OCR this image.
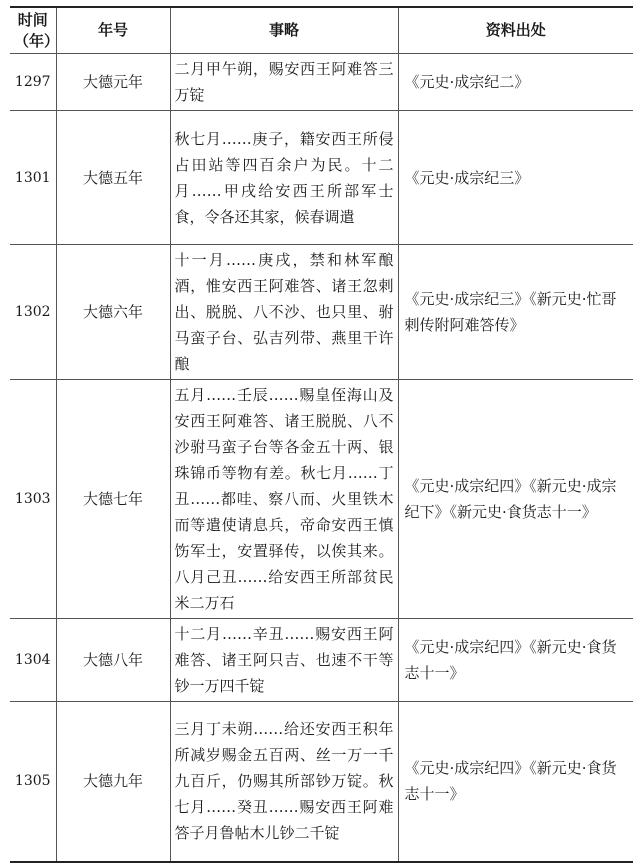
时间
（年）	年号	事略	资料出处
1297	大德元年	二月甲午朔，赐安西王阿难答三万锭	《元史·成宗纪二》
1301	大德五年	秋七月……庚子，籍安西王所侵占田站等四百余户为民。十二月……甲戌给安西王所部军士食，令各还其家，候春调遣	《元史·成宗纪三》
1302	大德六年	十一月……庚戌，禁和林军酿酒，惟安西王阿难答、诸王忽剌出、脱脱、八不沙、也只里、驸马蛮子台、弘吉列带、燕里干许酿	《元史·成宗纪三》《新元史·忙哥剌传附阿难答传》
1303	大德七年	五月……壬辰……赐皇侄海山及安西王阿难答、诸王脱脱、八不沙驸马蛮子台等各金五十两、银珠锦币等物有差。秋七月……丁丑……都哇、察八而、火里铁木而等遣使请息兵，帝命安西王慎饬军士，安置驿传，以俟其来。八月己丑……给安西王所部贫民米二万石	《元史·成宗纪四》《新元史·成宗纪下》《新元史·食货志十一》
1304	大德八年	十二月……辛丑……赐安西王阿难答、诸王阿只吉、也速不干等钞一万四千锭	《元史·成宗纪四》《新元史·食货志十一》
1305	大德九年	三月丁未朔……给还安西王积年所减岁赐金五百两、丝一万一千九百斤，仍赐其所部钞万锭。秋七月……癸丑……赐安西王阿难答子月鲁帖木儿钞二千锭	《元史·成宗纪四》《新元史·食货志十一》
